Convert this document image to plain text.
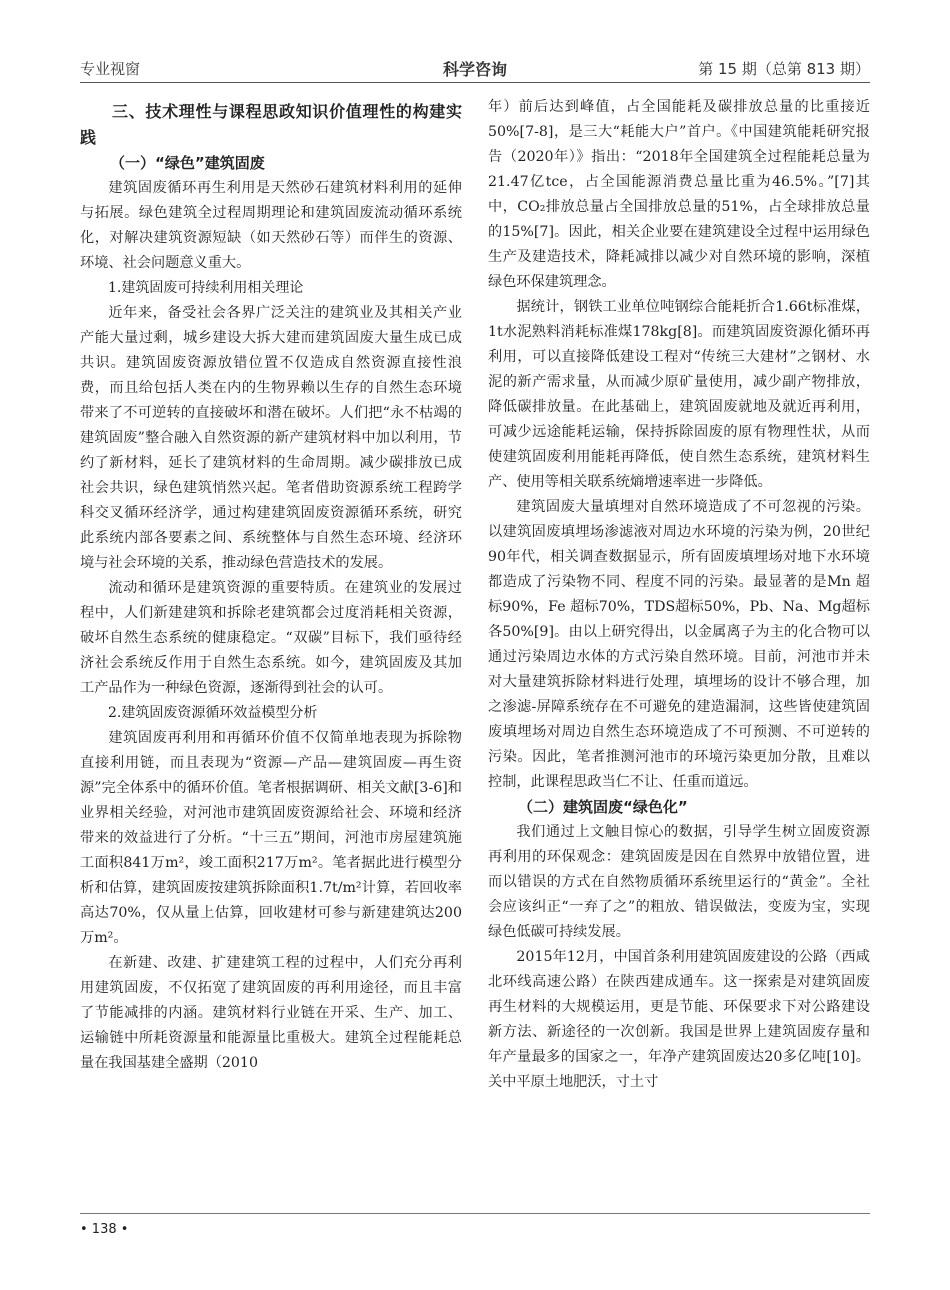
专业视窗	科学咨询	第 15 期（总第 813 期）
三、技术理性与课程思政知识价值理性的构建实践
（一）“绿色”建筑固废

建筑固废循环再生利用是天然砂石建筑材料利用的延伸与拓展。绿色建筑全过程周期理论和建筑固废流动循环系统化，对解决建筑资源短缺（如天然砂石等）而伴生的资源、环境、社会问题意义重大。

1.建筑固废可持续利用相关理论

近年来，备受社会各界广泛关注的建筑业及其相关产业产能大量过剩，城乡建设大拆大建而建筑固废大量生成已成共识。建筑固废资源放错位置不仅造成自然资源直接性浪费，而且给包括人类在内的生物界赖以生存的自然生态环境带来了不可逆转的直接破坏和潜在破坏。人们把“永不枯竭的建筑固废”整合融入自然资源的新产建筑材料中加以利用，节约了新材料，延长了建筑材料的生命周期。减少碳排放已成社会共识，绿色建筑悄然兴起。笔者借助资源系统工程跨学科交叉循环经济学，通过构建建筑固废资源循环系统，研究此系统内部各要素之间、系统整体与自然生态环境、经济环境与社会环境的关系，推动绿色营造技术的发展。

流动和循环是建筑资源的重要特质。在建筑业的发展过程中，人们新建建筑和拆除老建筑都会过度消耗相关资源，破坏自然生态系统的健康稳定。“双碳”目标下，我们亟待经济社会系统反作用于自然生态系统。如今，建筑固废及其加工产品作为一种绿色资源，逐渐得到社会的认可。

2.建筑固废资源循环效益模型分析

建筑固废再利用和再循环价值不仅简单地表现为拆除物直接利用链，而且表现为“资源—产品—建筑固废—再生资源”完全体系中的循环价值。笔者根据调研、相关文献[3-6]和业界相关经验，对河池市建筑固废资源给社会、环境和经济带来的效益进行了分析。“十三五”期间，河池市房屋建筑施工面积841万m²，竣工面积217万m²。笔者据此进行模型分析和估算，建筑固废按建筑拆除面积1.7t/m²计算，若回收率高达70%，仅从量上估算，回收建材可参与新建建筑达200万m²。

在新建、改建、扩建建筑工程的过程中，人们充分再利用建筑固废，不仅拓宽了建筑固废的再利用途径，而且丰富了节能减排的内涵。建筑材料行业链在开采、生产、加工、运输链中所耗资源量和能源量比重极大。建筑全过程能耗总量在我国基建全盛期（2010

年）前后达到峰值，占全国能耗及碳排放总量的比重接近50%[7-8]，是三大“耗能大户”首户。《中国建筑能耗研究报告（2020年）》指出：“2018年全国建筑全过程能耗总量为21.47亿tce，占全国能源消费总量比重为46.5%。”[7]其中，CO₂排放总量占全国排放总量的51%，占全球排放总量的15%[7]。因此，相关企业要在建筑建设全过程中运用绿色生产及建造技术，降耗减排以减少对自然环境的影响，深植绿色环保建筑理念。

据统计，钢铁工业单位吨钢综合能耗折合1.66t标准煤，1t水泥熟料消耗标准煤178kg[8]。而建筑固废资源化循环再利用，可以直接降低建设工程对“传统三大建材”之钢材、水泥的新产需求量，从而减少原矿量使用，减少副产物排放，降低碳排放量。在此基础上，建筑固废就地及就近再利用，可减少远途能耗运输，保持拆除固废的原有物理性状，从而使建筑固废利用能耗再降低，使自然生态系统，建筑材料生产、使用等相关联系统熵增速率进一步降低。

建筑固废大量填埋对自然环境造成了不可忽视的污染。以建筑固废填埋场渗滤液对周边水环境的污染为例，20世纪90年代，相关调查数据显示，所有固废填埋场对地下水环境都造成了污染物不同、程度不同的污染。最显著的是Mn 超标90%，Fe 超标70%，TDS超标50%，Pb、Na、Mg超标各50%[9]。由以上研究得出，以金属离子为主的化合物可以通过污染周边水体的方式污染自然环境。目前，河池市并未对大量建筑拆除材料进行处理，填埋场的设计不够合理，加之渗滤-屏障系统存在不可避免的建造漏洞，这些皆使建筑固废填埋场对周边自然生态环境造成了不可预测、不可逆转的污染。因此，笔者推测河池市的环境污染更加分散，且难以控制，此课程思政当仁不让、任重而道远。

（二）建筑固废“绿色化”

我们通过上文触目惊心的数据，引导学生树立固废资源再利用的环保观念：建筑固废是因在自然界中放错位置，进而以错误的方式在自然物质循环系统里运行的“黄金”。全社会应该纠正“一弃了之”的粗放、错误做法，变废为宝，实现绿色低碳可持续发展。

2015年12月，中国首条利用建筑固废建设的公路（西咸北环线高速公路）在陕西建成通车。这一探索是对建筑固废再生材料的大规模运用，更是节能、环保要求下对公路建设新方法、新途径的一次创新。我国是世界上建筑固废存量和年产量最多的国家之一，年净产建筑固废达20多亿吨[10]。关中平原土地肥沃，寸土寸

• 138 •
